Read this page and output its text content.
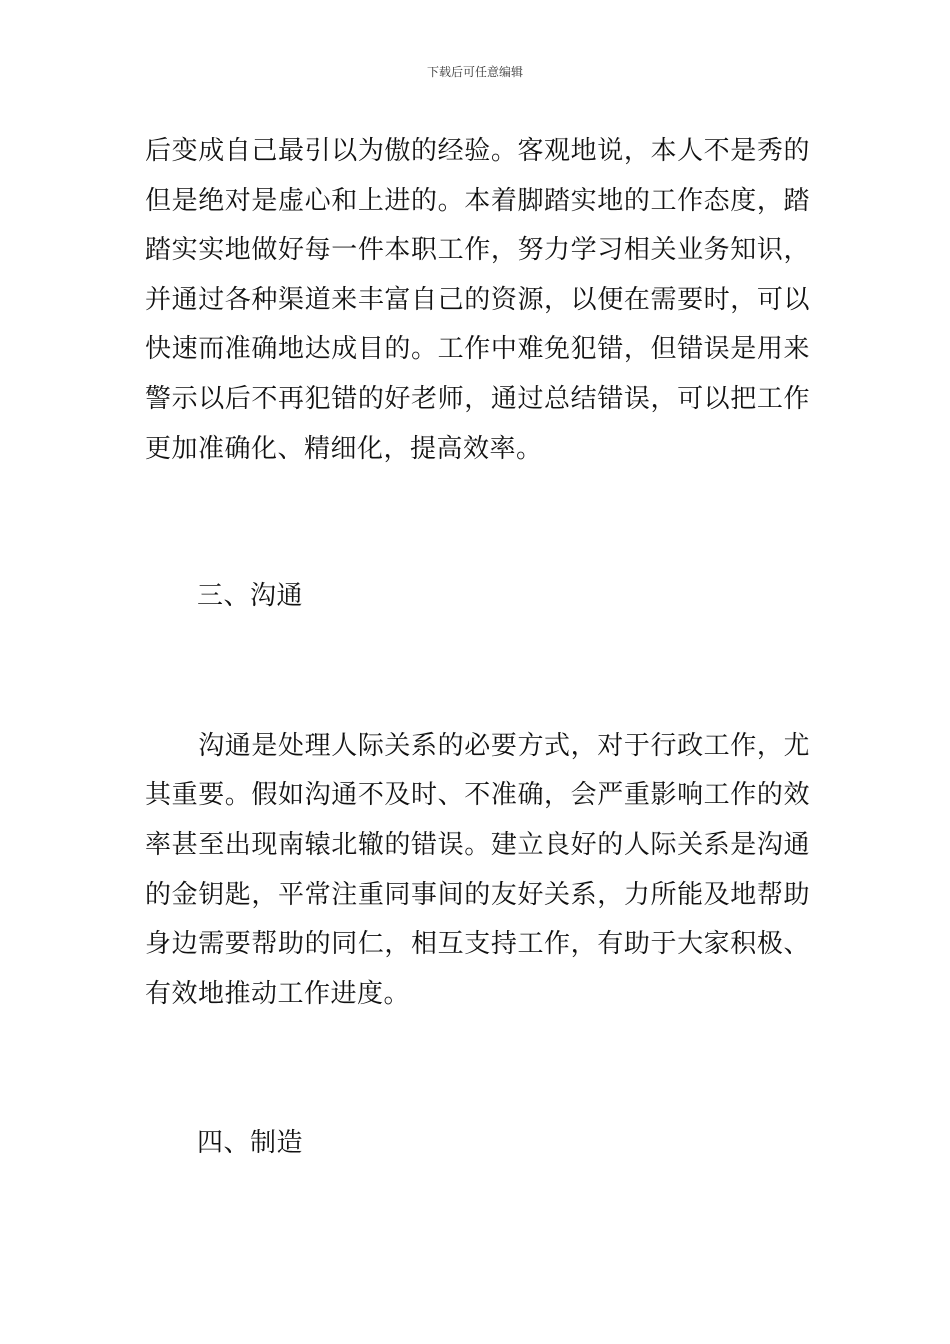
下载后可任意编辑

后变成自己最引以为傲的经验。客观地说，本人不是秀的
但是绝对是虚心和上进的。本着脚踏实地的工作态度，踏
踏实实地做好每一件本职工作，努力学习相关业务知识，
并通过各种渠道来丰富自己的资源，以便在需要时，可以
快速而准确地达成目的。工作中难免犯错，但错误是用来
警示以后不再犯错的好老师，通过总结错误，可以把工作
更加准确化、精细化，提高效率。

三、沟通

　　沟通是处理人际关系的必要方式，对于行政工作，尤
其重要。假如沟通不及时、不准确，会严重影响工作的效
率甚至出现南辕北辙的错误。建立良好的人际关系是沟通
的金钥匙，平常注重同事间的友好关系，力所能及地帮助
身边需要帮助的同仁，相互支持工作，有助于大家积极、
有效地推动工作进度。

四、制造
